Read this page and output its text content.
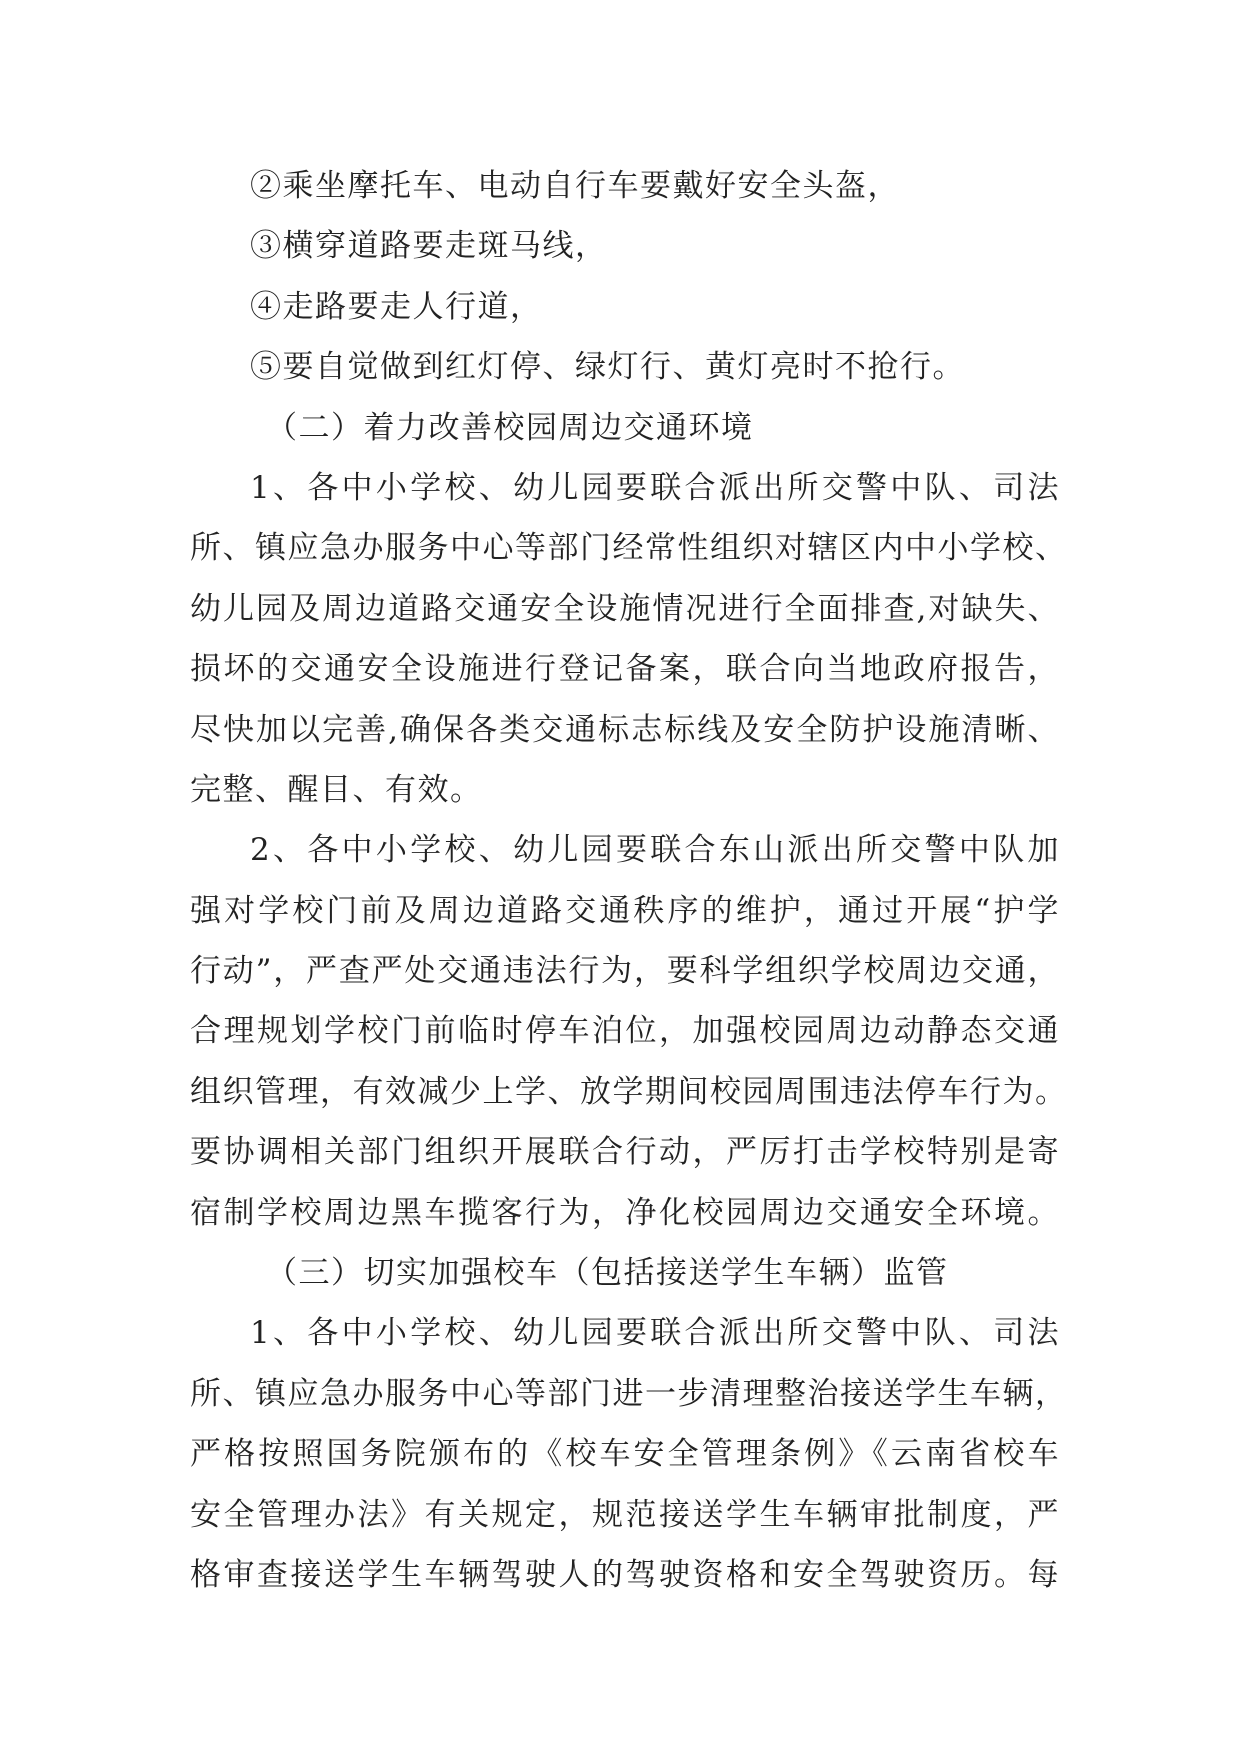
②乘坐摩托车、电动自行车要戴好安全头盔，
③横穿道路要走斑马线，
④走路要走人行道，
⑤要自觉做到红灯停、绿灯行、黄灯亮时不抢行。
（二）着力改善校园周边交通环境
1、各中小学校、幼儿园要联合派出所交警中队、司法
所、镇应急办服务中心等部门经常性组织对辖区内中小学校、
幼儿园及周边道路交通安全设施情况进行全面排查,对缺失、
损坏的交通安全设施进行登记备案，联合向当地政府报告，
尽快加以完善,确保各类交通标志标线及安全防护设施清晰、
完整、醒目、有效。
2、各中小学校、幼儿园要联合东山派出所交警中队加
强对学校门前及周边道路交通秩序的维护，通过开展“护学
行动”，严查严处交通违法行为，要科学组织学校周边交通，
合理规划学校门前临时停车泊位，加强校园周边动静态交通
组织管理，有效减少上学、放学期间校园周围违法停车行为。
要协调相关部门组织开展联合行动，严厉打击学校特别是寄
宿制学校周边黑车揽客行为，净化校园周边交通安全环境。
（三）切实加强校车（包括接送学生车辆）监管
1、各中小学校、幼儿园要联合派出所交警中队、司法
所、镇应急办服务中心等部门进一步清理整治接送学生车辆，
严格按照国务院颁布的《校车安全管理条例》《云南省校车
安全管理办法》有关规定，规范接送学生车辆审批制度，严
格审查接送学生车辆驾驶人的驾驶资格和安全驾驶资历。每
